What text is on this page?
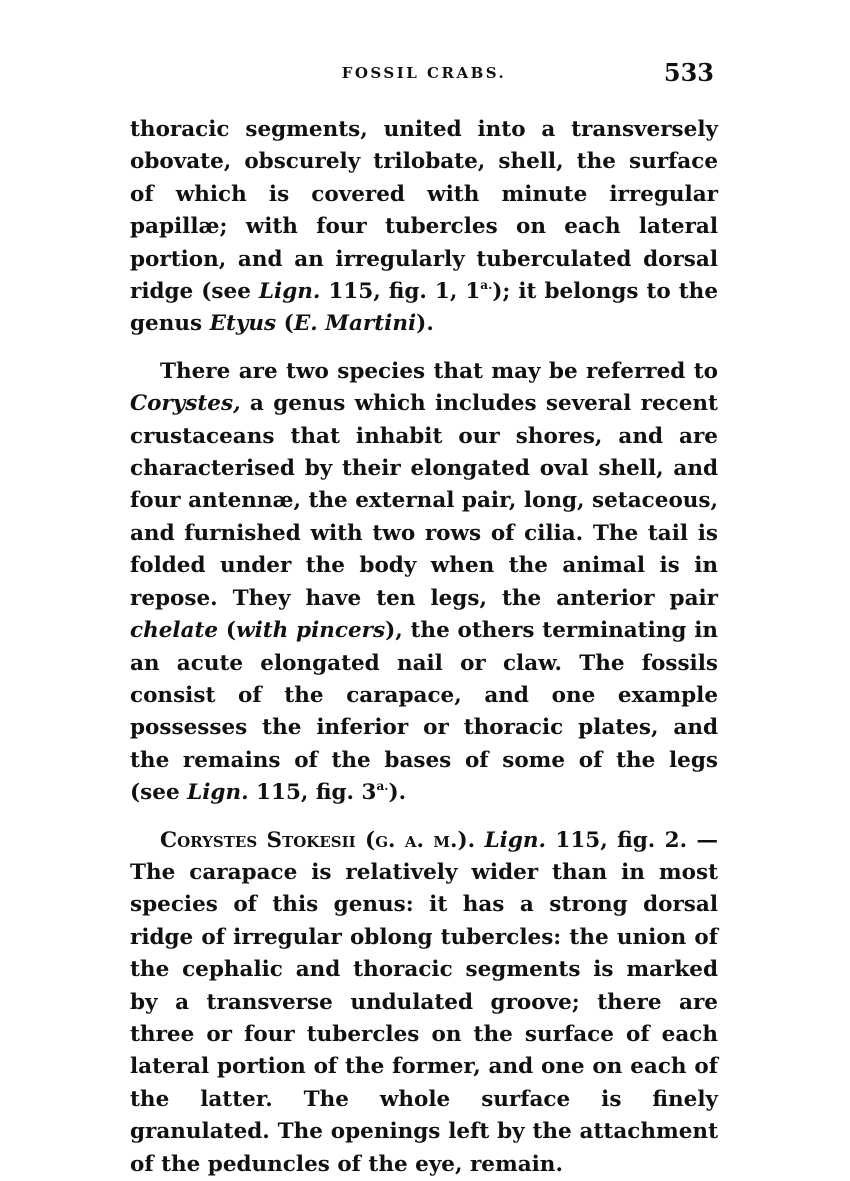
FOSSIL CRABS.	533

thoracic segments, united into a transversely obovate, obscurely trilobate, shell, the surface of which is covered with minute irregular papillæ; with four tubercles on each lateral portion, and an irregularly tuberculated dorsal ridge (see Lign. 115, fig. 1, $1^{a.}$); it belongs to the genus Etyus (E. Martini).

There are two species that may be referred to Corystes, a genus which includes several recent crustaceans that inhabit our shores, and are characterised by their elongated oval shell, and four antennæ, the external pair, long, setaceous, and furnished with two rows of cilia. The tail is folded under the body when the animal is in repose. They have ten legs, the anterior pair chelate (with pincers), the others terminating in an acute elongated nail or claw. The fossils consist of the carapace, and one example possesses the inferior or thoracic plates, and the remains of the bases of some of the legs (see Lign. 115, fig. $3^{a.}$).

Corystes Stokesii (g. a. m.). Lign. 115, fig. 2. —The carapace is relatively wider than in most species of this genus: it has a strong dorsal ridge of irregular oblong tubercles: the union of the cephalic and thoracic segments is marked by a transverse undulated groove; there are three or four tubercles on the surface of each lateral portion of the former, and one on each of the latter. The whole surface is finely granulated. The openings left by the attachment of the peduncles of the eye, remain.
